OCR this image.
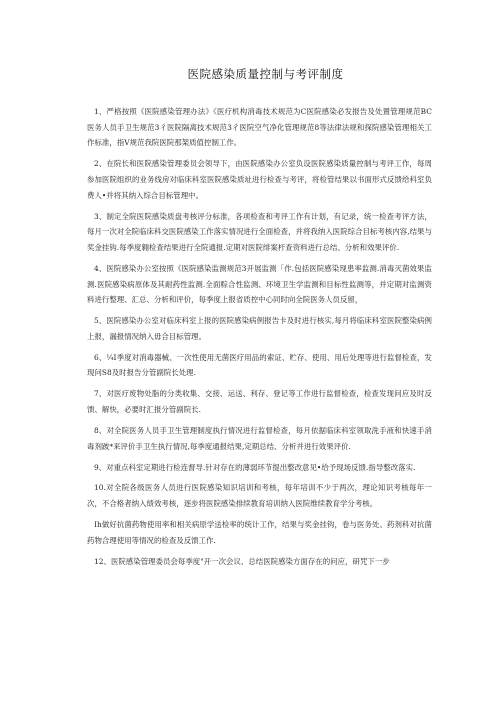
医院感染质量控制与考评制度

1、严格按照《医院感染管理办法》《医疗机构消毒技术规范为C医院感染必发报告及处置管理规范BC医务人员手卫生规范3彳医院隔离技术规范3彳医院空气净化管理规范8等法律法规和探院感染管理相关工作标准，指V规范我院医院那架质值控制工作。

2、在院长和医院感染管理委员会领导下，由医院感染办公室负设医院感染质量控制与考评工作，每周参加医院组织的业务线房对临床科室医院感染质址进行检查与考评，将检管结果以书面形式反馈给科室负费人•并将其纳入综合目标管理中。

3、制定全院医院感染质盘考核评分标准，各项检查和考评工作有计划，有记录，统一检查考评方法，每月一次对全院临床科交医院感染工作落实情况进行全面检查，并将我纳入医院综合目标考核内容,结果与奖金挂钩.每季度翱检查结果进行全院通报.定期对医院绯案杆查资料进行总结、分析和效果评价.

4、医院感染办公室按照《医院感染监测规范3开展监测「作.包括医院感染现患率监测.消毒灭菌效果监测.医院感染病原体及其耐药性监测.全面粽合性监测、环境卫生学监测和目标性监测等，并定期对监测资料进行整理、汇总、分析和评价，每季度上报省质控中心同时向全院医务人员反留，

5、医院感染办公室对临床科室上报的医院感染病例报告卡及时进行核实,每月将临床科室医院整染病例上报，漏报情况纳入毋合目标管理。

6、¼I季度对消毒器械、一次性使用无菌医疗用品的索证、贮存、使用、用后处理等进行监督检查，发现问S8及时报告分管副院长处理.

7、对医疗废物处脂的分类收集、交接、运送、利存、登记等工作进行监督检查，检查发现问应及时反馈、解快，必要时汇报分管副院长.

8、对全院医务人员手卫生管理制度执行情况进行监督检查，每月依据临床科室领取洗手液和快速手消毒剂跛*来评价手卫生执行情况,每季度通报结果,定期总结、分析并进行效果评价.

9、对重点科室定期进行检连督导.针对存在的薄弱环节提出整改意见•给予现场反馈.指导整改落实.

10.对全院各级医务人员进行医院感染知识培训和考核，每年培训不少于两次，理论知识考核每年一次，不合格者纳入绩效考核，逐步将医院感染排续教育培训纳入医院维续教育学分考核。

Ih做好抗菌药物使用率和相关病原学送检率的统计工作，结果与奖金挂钩，卷与医务处、药剂科对抗菌药物合理使用等情况的检查及反馈工作.

12、医院感染管理委员会每季度"开一次会议、总结医院感染方面存在的问应，研咒下一步
